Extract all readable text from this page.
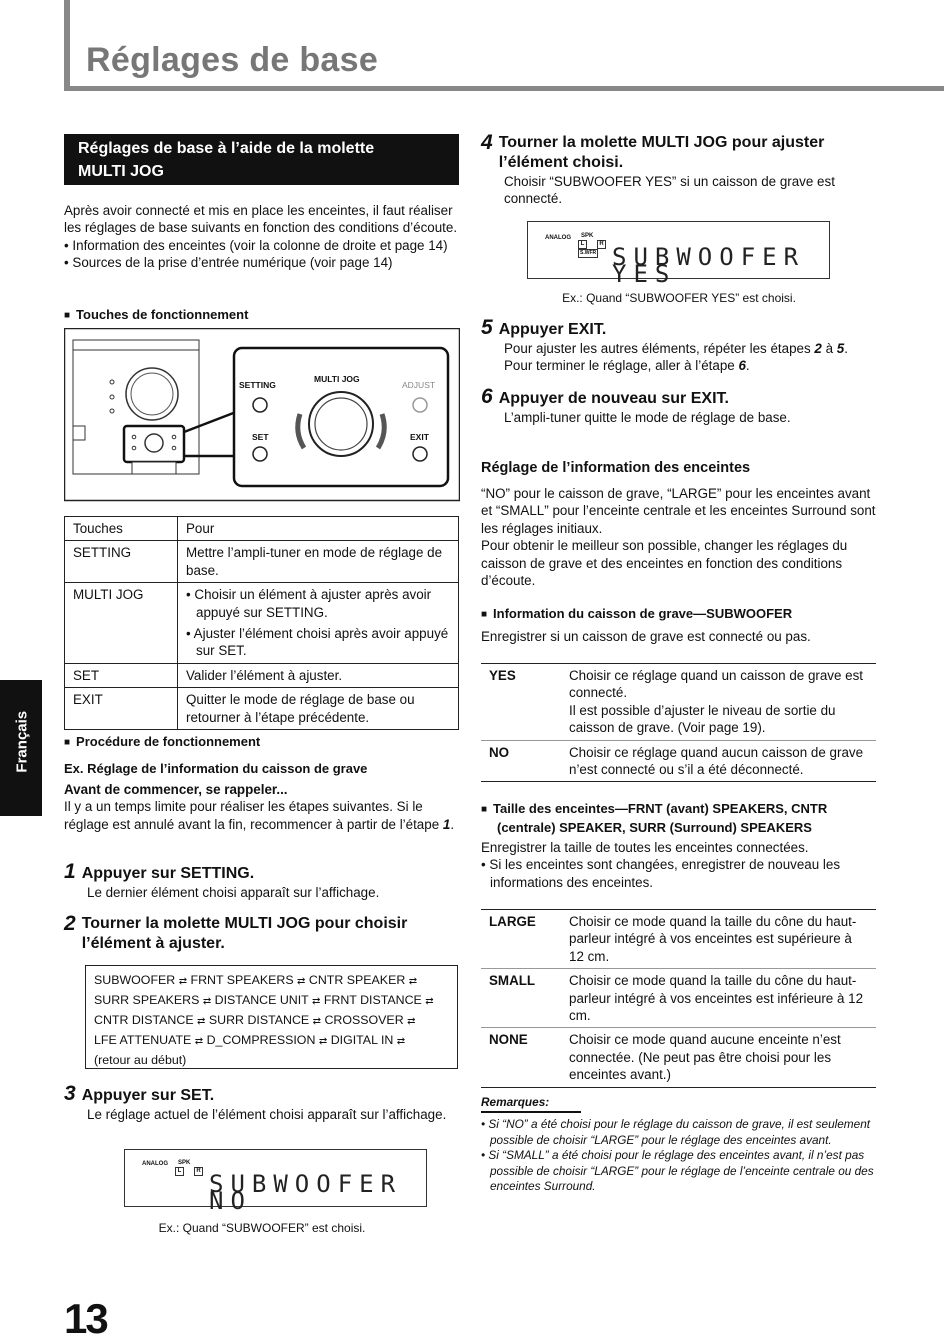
Réglages de base
Français
Réglages de base à l’aide de la molette
MULTI JOG

Après avoir connecté et mis en place les enceintes, il faut réaliser les réglages de base suivants en fonction des conditions d’écoute.

• Information des enceintes (voir la colonne de droite et page 14)

• Sources de la prise d’entrée numérique (voir page 14)

■ Touches de fonctionnement
SETTING
MULTI JOG
ADJUST
SET	EXIT
Touches	Pour
SETTING	Mettre l’ampli-tuner en mode de réglage de base.
MULTI JOG	• Choisir un élément à ajuster après avoir appuyé sur SETTING.
• Ajuster l’élément choisi après avoir appuyé sur SET.

SET	Valider l’élément à ajuster.
EXIT	Quitter le mode de réglage de base ou retourner à l’étape précédente.
■ Procédure de fonctionnement
Ex. Réglage de l’information du caisson de grave

Avant de commencer, se rappeler...

Il y a un temps limite pour réaliser les étapes suivantes. Si le réglage est annulé avant la fin, recommencer à partir de l’étape 1.

1 Appuyer sur SETTING.
Le dernier élément choisi apparaît sur l’affichage.
2 Tourner la molette MULTI JOG pour choisir l’élément à ajuster.
SUBWOOFER ⇄ FRNT SPEAKERS ⇄ CNTR SPEAKER ⇄
SURR SPEAKERS ⇄ DISTANCE UNIT ⇄ FRNT DISTANCE ⇄
CNTR DISTANCE ⇄ SURR DISTANCE ⇄ CROSSOVER ⇄
LFE ATTENUATE ⇄ D_COMPRESSION ⇄ DIGITAL IN ⇄
(retour au début)
3 Appuyer sur SET.
Le réglage actuel de l’élément choisi apparaît sur l’affichage.
ANALOG SPK
L	R SUBWOOFER NO
Ex.: Quand “SUBWOOFER” est choisi.
13
4 Tourner la molette MULTI JOG pour ajuster l’élément choisi.
Choisir “SUBWOOFER YES” si un caisson de grave est connecté.
ANALOG SPK
L	R
S.WFR SUBWOOFER YES
Ex.: Quand “SUBWOOFER YES” est choisi.
5 Appuyer EXIT.
Pour ajuster les autres éléments, répéter les étapes 2 à 5.
Pour terminer le réglage, aller à l’étape 6.
6 Appuyer de nouveau sur EXIT.
L’ampli-tuner quitte le mode de réglage de base.
Réglage de l’information des enceintes

“NO” pour le caisson de grave, “LARGE” pour les enceintes avant et “SMALL” pour l’enceinte centrale et les enceintes Surround sont les réglages initiaux.

Pour obtenir le meilleur son possible, changer les réglages du caisson de grave et des enceintes en fonction des conditions d’écoute.

■ Information du caisson de grave—SUBWOOFER
Enregistrer si un caisson de grave est connecté ou pas.
YES	Choisir ce réglage quand un caisson de grave est connecté.
Il est possible d’ajuster le niveau de sortie du caisson de grave. (Voir page 19).

NO	Choisir ce réglage quand aucun caisson de grave n’est connecté ou s’il a été déconnecté.
■ Taille des enceintes—FRNT (avant) SPEAKERS, CNTR
(centrale) SPEAKER, SURR (Surround) SPEAKERS

Enregistrer la taille de toutes les enceintes connectées.

• Si les enceintes sont changées, enregistrer de nouveau les informations des enceintes.

LARGE	Choisir ce mode quand la taille du cône du haut-parleur intégré à vos enceintes est supérieure à 12 cm.
SMALL	Choisir ce mode quand la taille du cône du haut-parleur intégré à vos enceintes est inférieure à 12 cm.
NONE	Choisir ce mode quand aucune enceinte n’est connectée. (Ne peut pas être choisi pour les enceintes avant.)
Remarques:

• Si “NO” a été choisi pour le réglage du caisson de grave, il est seulement possible de choisir “LARGE” pour le réglage des enceintes avant.

• Si “SMALL” a été choisi pour le réglage des enceintes avant, il n’est pas possible de choisir “LARGE” pour le réglage de l’enceinte centrale ou des enceintes Surround.
